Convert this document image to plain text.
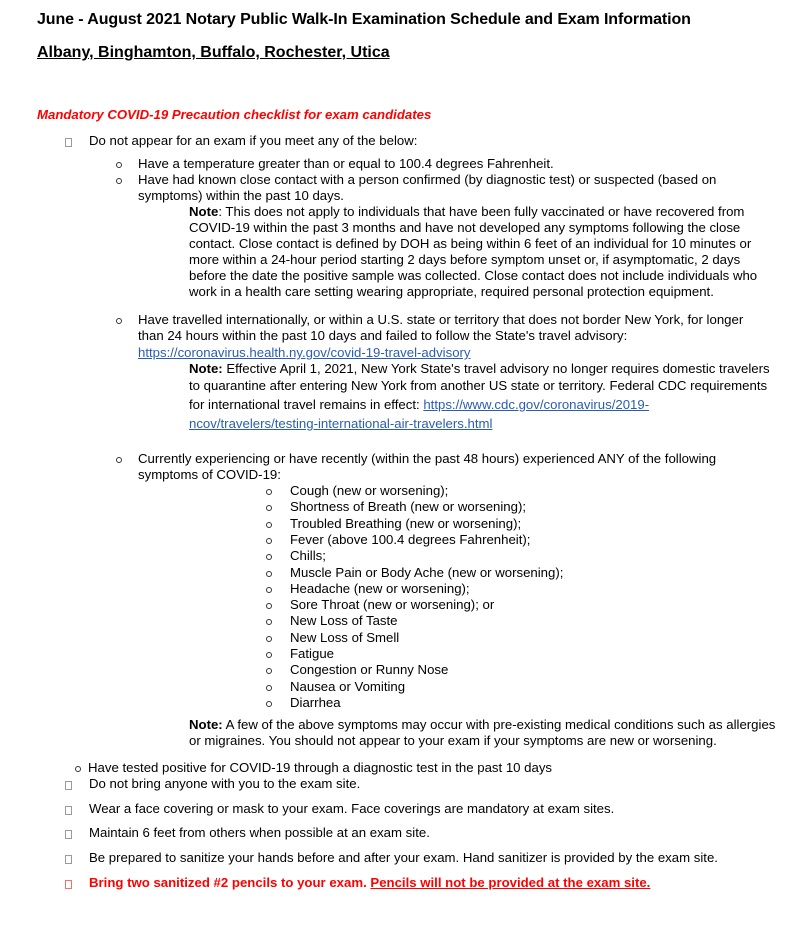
June - August 2021 Notary Public Walk-In Examination Schedule and Exam Information
Albany, Binghamton, Buffalo, Rochester, Utica
Mandatory COVID-19 Precaution checklist for exam candidates
Do not appear for an exam if you meet any of the below:
Have a temperature greater than or equal to 100.4 degrees Fahrenheit.
Have had known close contact with a person confirmed (by diagnostic test) or suspected (based on
symptoms) within the past 10 days.
Note: This does not apply to individuals that have been fully vaccinated or have recovered from
COVID-19 within the past 3 months and have not developed any symptoms following the close
contact. Close contact is defined by DOH as being within 6 feet of an individual for 10 minutes or
more within a 24-hour period starting 2 days before symptom unset or, if asymptomatic, 2 days
before the date the positive sample was collected. Close contact does not include individuals who
work in a health care setting wearing appropriate, required personal protection equipment.
Have travelled internationally, or within a U.S. state or territory that does not border New York, for longer
than 24 hours within the past 10 days and failed to follow the State's travel advisory:
https://coronavirus.health.ny.gov/covid-19-travel-advisory
Note: Effective April 1, 2021, New York State's travel advisory no longer requires domestic travelers
to quarantine after entering New York from another US state or territory. Federal CDC requirements
for international travel remains in effect: https://www.cdc.gov/coronavirus/2019-
ncov/travelers/testing-international-air-travelers.html
Currently experiencing or have recently (within the past 48 hours) experienced ANY of the following
symptoms of COVID-19:
Cough (new or worsening);
Shortness of Breath (new or worsening);
Troubled Breathing (new or worsening);
Fever (above 100.4 degrees Fahrenheit);
Chills;
Muscle Pain or Body Ache (new or worsening);
Headache (new or worsening);
Sore Throat (new or worsening); or
New Loss of Taste
New Loss of Smell
Fatigue
Congestion or Runny Nose
Nausea or Vomiting
Diarrhea
Note: A few of the above symptoms may occur with pre-existing medical conditions such as allergies
or migraines. You should not appear to your exam if your symptoms are new or worsening.
Have tested positive for COVID-19 through a diagnostic test in the past 10 days
Do not bring anyone with you to the exam site.
Wear a face covering or mask to your exam. Face coverings are mandatory at exam sites.
Maintain 6 feet from others when possible at an exam site.
Be prepared to sanitize your hands before and after your exam. Hand sanitizer is provided by the exam site.
Bring two sanitized #2 pencils to your exam. Pencils will not be provided at the exam site.
